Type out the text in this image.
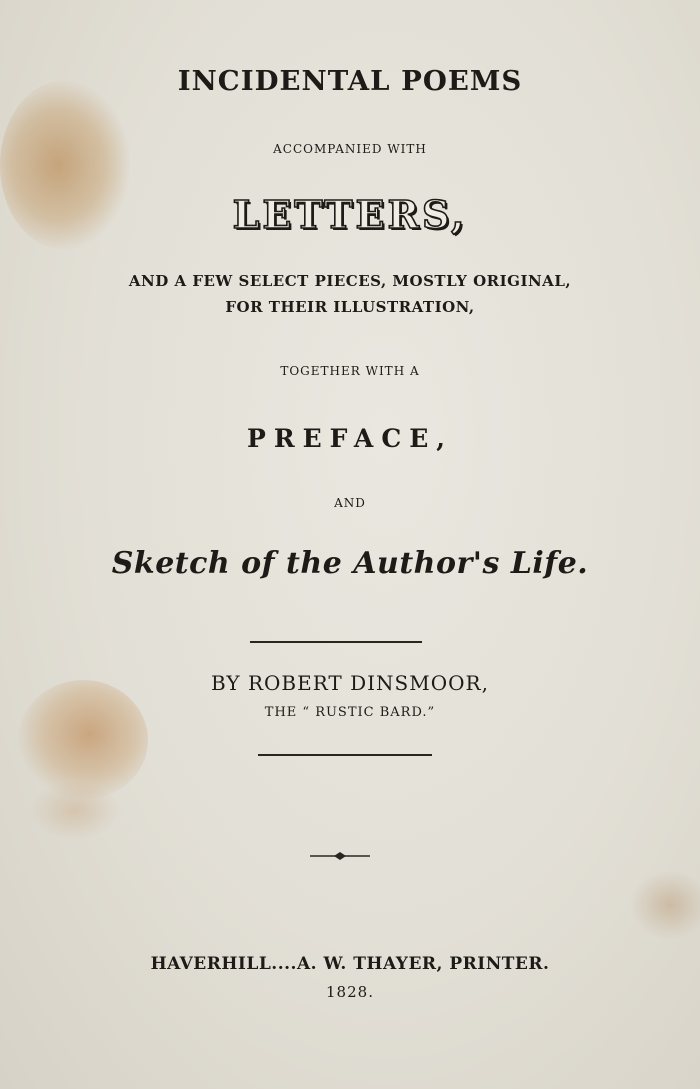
INCIDENTAL POEMS
ACCOMPANIED WITH
LETTERS,
AND A FEW SELECT PIECES, MOSTLY ORIGINAL,
FOR THEIR ILLUSTRATION,
TOGETHER WITH A
PREFACE,
AND
Sketch of the Author's Life.
BY ROBERT DINSMOOR,
THE “ RUSTIC BARD.”
HAVERHILL....A. W. THAYER, PRINTER.
1828.
